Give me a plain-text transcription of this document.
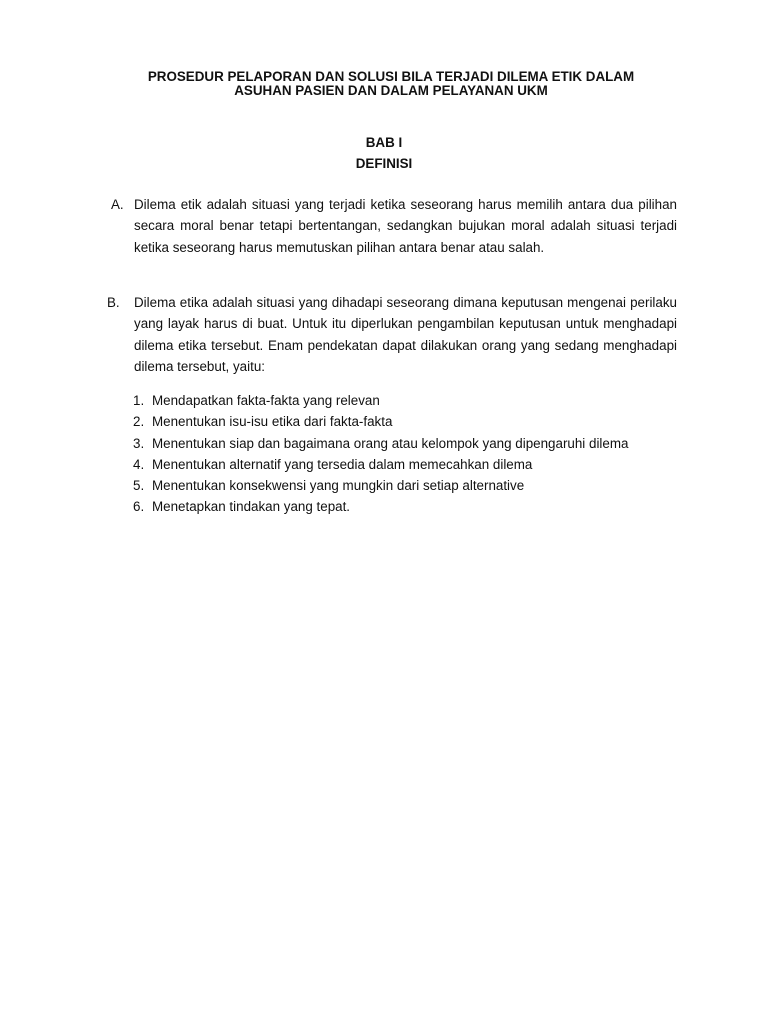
PROSEDUR PELAPORAN DAN SOLUSI BILA TERJADI DILEMA ETIK DALAM
ASUHAN PASIEN DAN DALAM PELAYANAN UKM
BAB I
DEFINISI
A. Dilema etik adalah situasi yang terjadi ketika seseorang harus memilih antara dua pilihan secara moral benar tetapi bertentangan, sedangkan bujukan moral adalah situasi terjadi ketika seseorang harus memutuskan pilihan antara benar atau salah.
B.	Dilema etika adalah situasi yang dihadapi seseorang dimana keputusan mengenai perilaku yang layak harus di buat. Untuk itu diperlukan pengambilan keputusan untuk menghadapi dilema etika tersebut. Enam pendekatan dapat dilakukan orang yang sedang menghadapi dilema tersebut, yaitu:
1. Mendapatkan fakta-fakta yang relevan
2. Menentukan isu-isu etika dari fakta-fakta
3. Menentukan siap dan bagaimana orang atau kelompok yang dipengaruhi dilema
4. Menentukan alternatif yang tersedia dalam memecahkan dilema
5. Menentukan konsekwensi yang mungkin dari setiap alternative
6. Menetapkan tindakan yang tepat.
